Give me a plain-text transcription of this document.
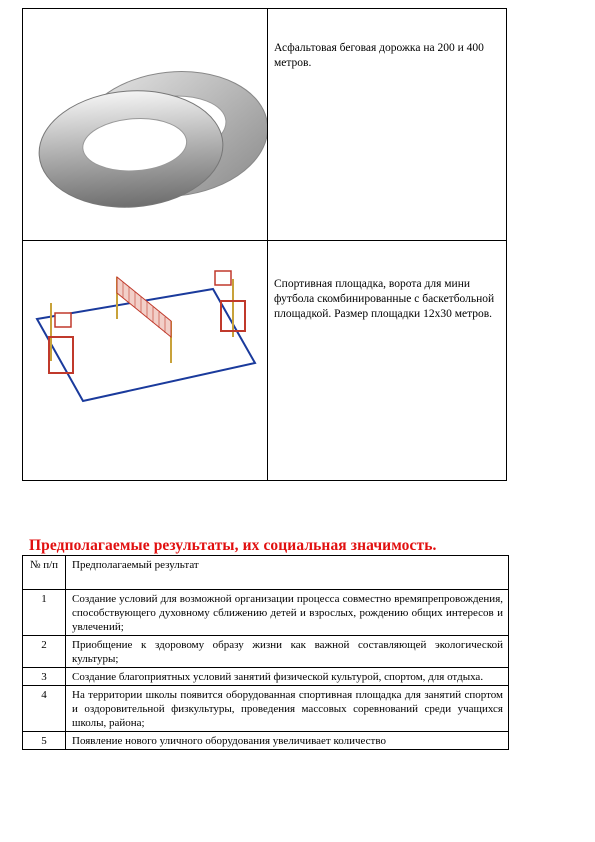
Асфальтовая беговая дорожка на 200 и 400 метров.

Спортивная площадка, ворота для мини футбола скомбинированные с баскетбольной площадкой. Размер площадки 12х30 метров.
Предполагаемые результаты, их социальная значимость.
№ п/п	Предполагаемый результат
1	Создание условий для возможной организации процесса совместно времяпрепровождения, способствующего духовному сближению детей и взрослых, рождению общих интересов и увлечений;
2	Приобщение к здоровому образу жизни как важной составляющей экологической культуры;
3	Создание благоприятных условий занятий физической культурой, спортом, для отдыха.
4	На территории школы появится оборудованная спортивная площадка для занятий спортом и оздоровительной физкультуры, проведения массовых соревнований среди учащихся школы, района;
5	Появление нового уличного оборудования увеличивает количество
